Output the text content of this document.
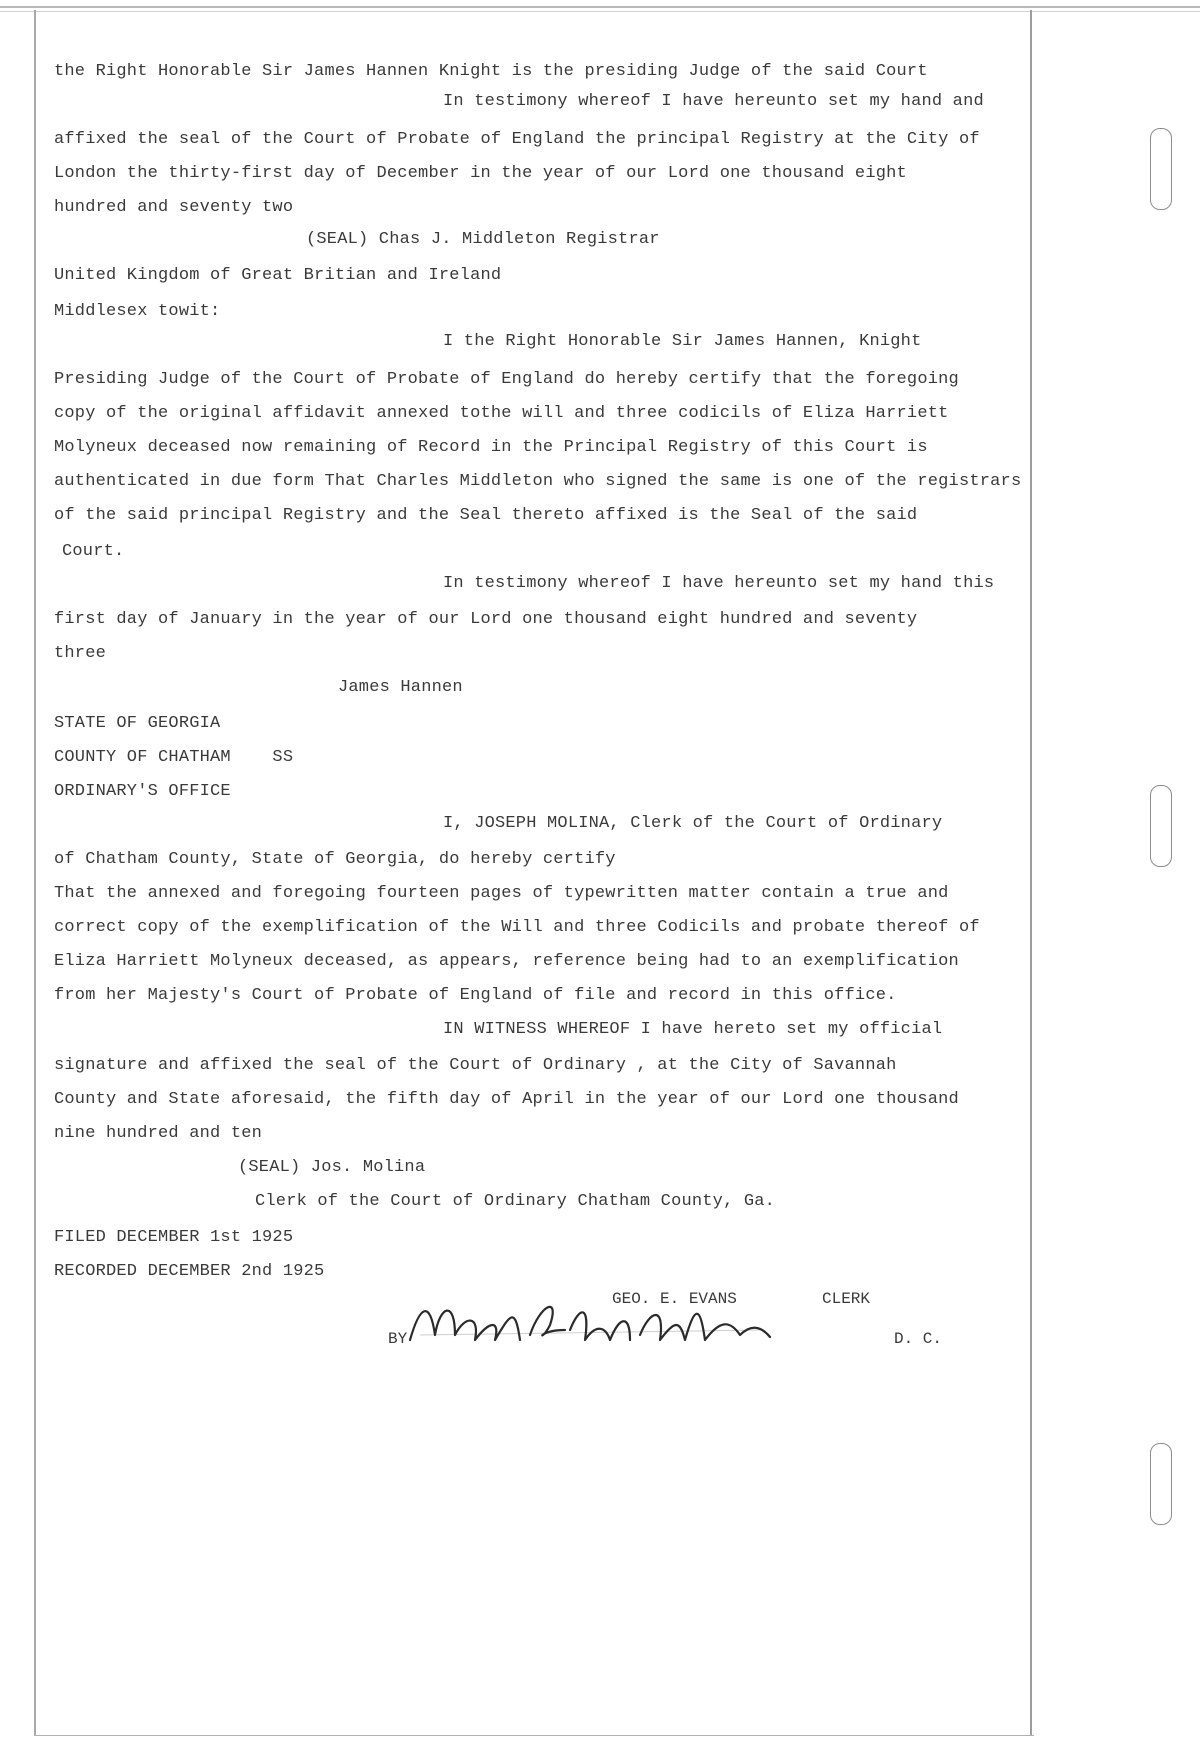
the Right Honorable Sir James Hannen Knight is the presiding Judge of the said Court
In testimony whereof I have hereunto set my hand and
affixed the seal of the Court of Probate of England the principal Registry at the City of
London the thirty-first day of December in the year of our Lord one thousand eight
hundred and seventy two
(SEAL) Chas J. Middleton Registrar
United Kingdom of Great Britian and Ireland
Middlesex towit:
I the Right Honorable Sir James Hannen, Knight
Presiding Judge of the Court of Probate of England do hereby certify that the foregoing
copy of the original affidavit annexed tothe will and three codicils of Eliza Harriett
Molyneux deceased now remaining of Record in the Principal Registry of this Court is
authenticated in due form That Charles Middleton who signed the same is one of the registrars
of the said principal Registry and the Seal thereto affixed is the Seal of the said
Court.
In testimony whereof I have hereunto set my hand this
first day of January in the year of our Lord one thousand eight hundred and seventy
three
James Hannen
STATE OF GEORGIA
COUNTY OF CHATHAM    SS
ORDINARY'S OFFICE
I, JOSEPH MOLINA, Clerk of the Court of Ordinary
of Chatham County, State of Georgia, do hereby certify
That the annexed and foregoing fourteen pages of typewritten matter contain a true and
correct copy of the exemplification of the Will and three Codicils and probate thereof of
Eliza Harriett Molyneux deceased, as appears, reference being had to an exemplification
from her Majesty's Court of Probate of England of file and record in this office.
IN WITNESS WHEREOF I have hereto set my official
signature and affixed the seal of the Court of Ordinary , at the City of Savannah
County and State aforesaid, the fifth day of April in the year of our Lord one thousand
nine hundred and ten
(SEAL) Jos. Molina
Clerk of the Court of Ordinary Chatham County, Ga.
FILED DECEMBER 1st 1925
RECORDED DECEMBER 2nd 1925
GEO. E. EVANS	CLERK
BY	D. C.
